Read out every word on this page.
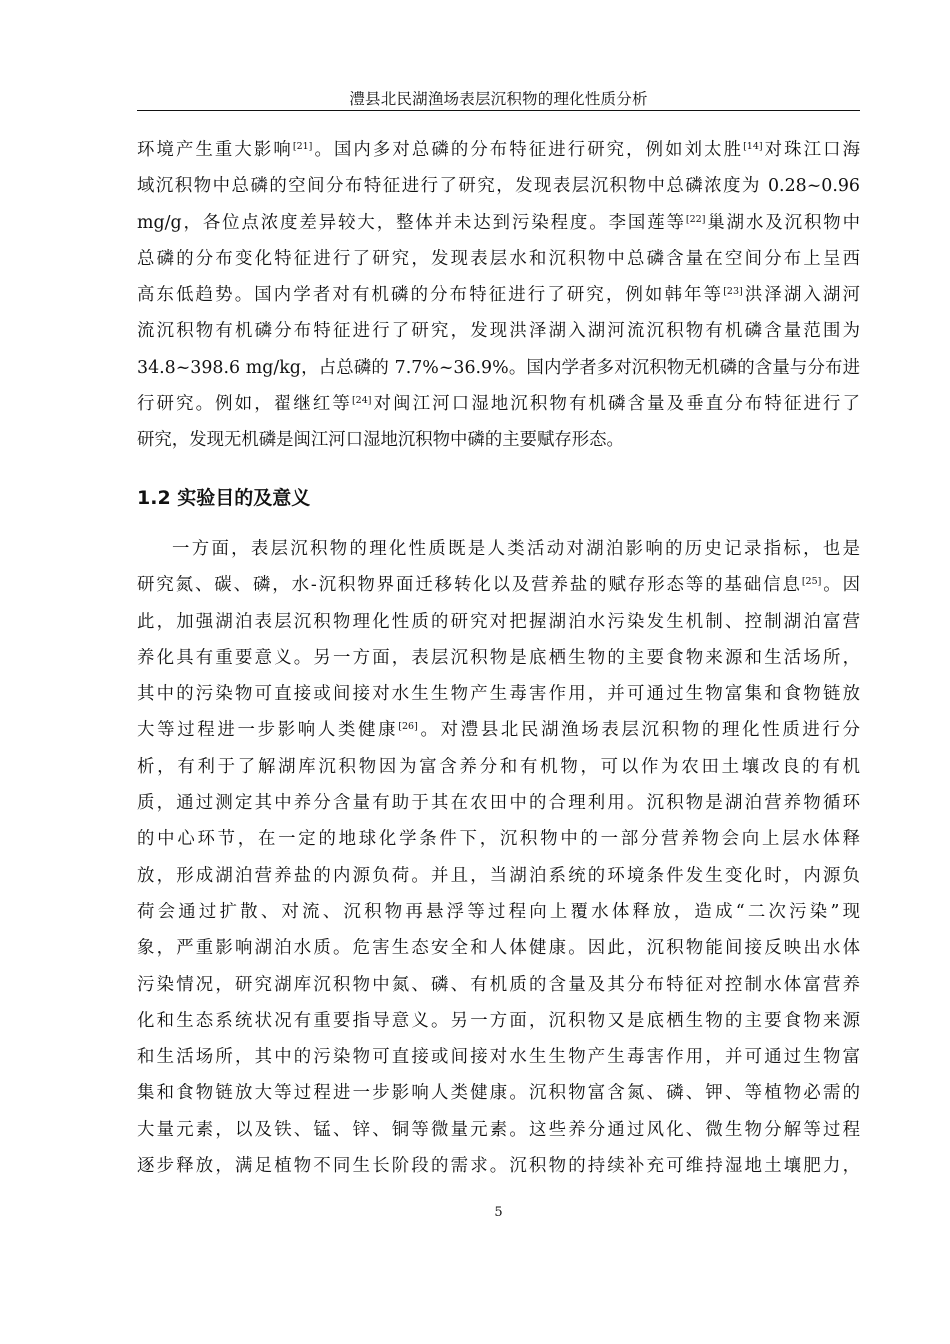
澧县北民湖渔场表层沉积物的理化性质分析
环境产生重大影响[21]。国内多对总磷的分布特征进行研究，例如刘太胜[14]对珠江口海
域沉积物中总磷的空间分布特征进行了研究，发现表层沉积物中总磷浓度为 0.28~0.96
mg/g，各位点浓度差异较大，整体并未达到污染程度。李国莲等[22]巢湖水及沉积物中
总磷的分布变化特征进行了研究，发现表层水和沉积物中总磷含量在空间分布上呈西
高东低趋势。国内学者对有机磷的分布特征进行了研究，例如韩年等[23]洪泽湖入湖河
流沉积物有机磷分布特征进行了研究，发现洪泽湖入湖河流沉积物有机磷含量范围为
34.8~398.6 mg/kg，占总磷的 7.7%~36.9%。国内学者多对沉积物无机磷的含量与分布进
行研究。例如，翟继红等[24]对闽江河口湿地沉积物有机磷含量及垂直分布特征进行了
研究，发现无机磷是闽江河口湿地沉积物中磷的主要赋存形态。
1.2 实验目的及意义
一方面，表层沉积物的理化性质既是人类活动对湖泊影响的历史记录指标，也是
研究氮、碳、磷，水-沉积物界面迁移转化以及营养盐的赋存形态等的基础信息[25]。因
此，加强湖泊表层沉积物理化性质的研究对把握湖泊水污染发生机制、控制湖泊富营
养化具有重要意义。另一方面，表层沉积物是底栖生物的主要食物来源和生活场所，
其中的污染物可直接或间接对水生生物产生毒害作用，并可通过生物富集和食物链放
大等过程进一步影响人类健康[26]。对澧县北民湖渔场表层沉积物的理化性质进行分
析，有利于了解湖库沉积物因为富含养分和有机物，可以作为农田土壤改良的有机
质，通过测定其中养分含量有助于其在农田中的合理利用。沉积物是湖泊营养物循环
的中心环节，在一定的地球化学条件下，沉积物中的一部分营养物会向上层水体释
放，形成湖泊营养盐的内源负荷。并且，当湖泊系统的环境条件发生变化时，内源负
荷会通过扩散、对流、沉积物再悬浮等过程向上覆水体释放，造成“二次污染”现
象，严重影响湖泊水质。危害生态安全和人体健康。因此，沉积物能间接反映出水体
污染情况，研究湖库沉积物中氮、磷、有机质的含量及其分布特征对控制水体富营养
化和生态系统状况有重要指导意义。另一方面，沉积物又是底栖生物的主要食物来源
和生活场所，其中的污染物可直接或间接对水生生物产生毒害作用，并可通过生物富
集和食物链放大等过程进一步影响人类健康。沉积物富含氮、磷、钾、等植物必需的
大量元素，以及铁、锰、锌、铜等微量元素。这些养分通过风化、微生物分解等过程
逐步释放，满足植物不同生长阶段的需求。沉积物的持续补充可维持湿地土壤肥力，
5
